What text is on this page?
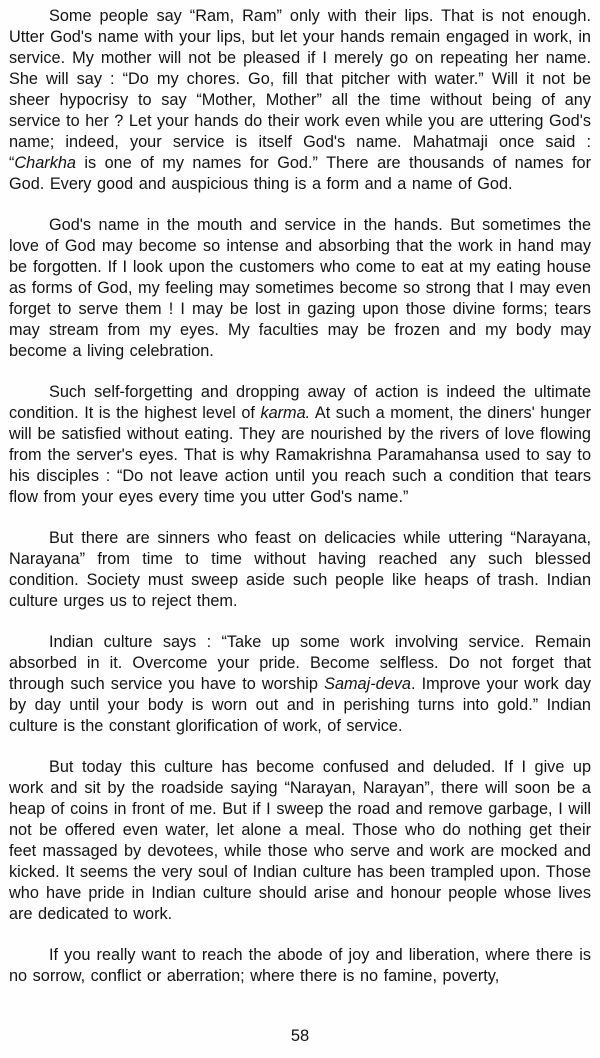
Some people say “Ram, Ram” only with their lips. That is not enough. Utter God's name with your lips, but let your hands remain engaged in work, in service. My mother will not be pleased if I merely go on repeating her name. She will say : “Do my chores. Go, fill that pitcher with water.” Will it not be sheer hypocrisy to say “Mother, Mother” all the time without being of any service to her ? Let your hands do their work even while you are uttering God's name; indeed, your service is itself God's name. Mahatmaji once said : “Charkha is one of my names for God.” There are thousands of names for God. Every good and auspicious thing is a form and a name of God.

God's name in the mouth and service in the hands. But sometimes the love of God may become so intense and absorbing that the work in hand may be forgotten. If I look upon the customers who come to eat at my eating house as forms of God, my feeling may sometimes become so strong that I may even forget to serve them ! I may be lost in gazing upon those divine forms; tears may stream from my eyes. My faculties may be frozen and my body may become a living celebration.

Such self-forgetting and dropping away of action is indeed the ultimate condition. It is the highest level of karma. At such a moment, the diners' hunger will be satisfied without eating. They are nourished by the rivers of love flowing from the server's eyes. That is why Ramakrishna Paramahansa used to say to his disciples : “Do not leave action until you reach such a condition that tears flow from your eyes every time you utter God's name.”

But there are sinners who feast on delicacies while uttering “Narayana, Narayana” from time to time without having reached any such blessed condition. Society must sweep aside such people like heaps of trash. Indian culture urges us to reject them.

Indian culture says : “Take up some work involving service. Remain absorbed in it. Overcome your pride. Become selfless. Do not forget that through such service you have to worship Samaj-deva. Improve your work day by day until your body is worn out and in perishing turns into gold.” Indian culture is the constant glorification of work, of service.

But today this culture has become confused and deluded. If I give up work and sit by the roadside saying “Narayan, Narayan”, there will soon be a heap of coins in front of me. But if I sweep the road and remove garbage, I will not be offered even water, let alone a meal. Those who do nothing get their feet massaged by devotees, while those who serve and work are mocked and kicked. It seems the very soul of Indian culture has been trampled upon. Those who have pride in Indian culture should arise and honour people whose lives are dedicated to work.

If you really want to reach the abode of joy and liberation, where there is no sorrow, conflict or aberration; where there is no famine, poverty,

58
